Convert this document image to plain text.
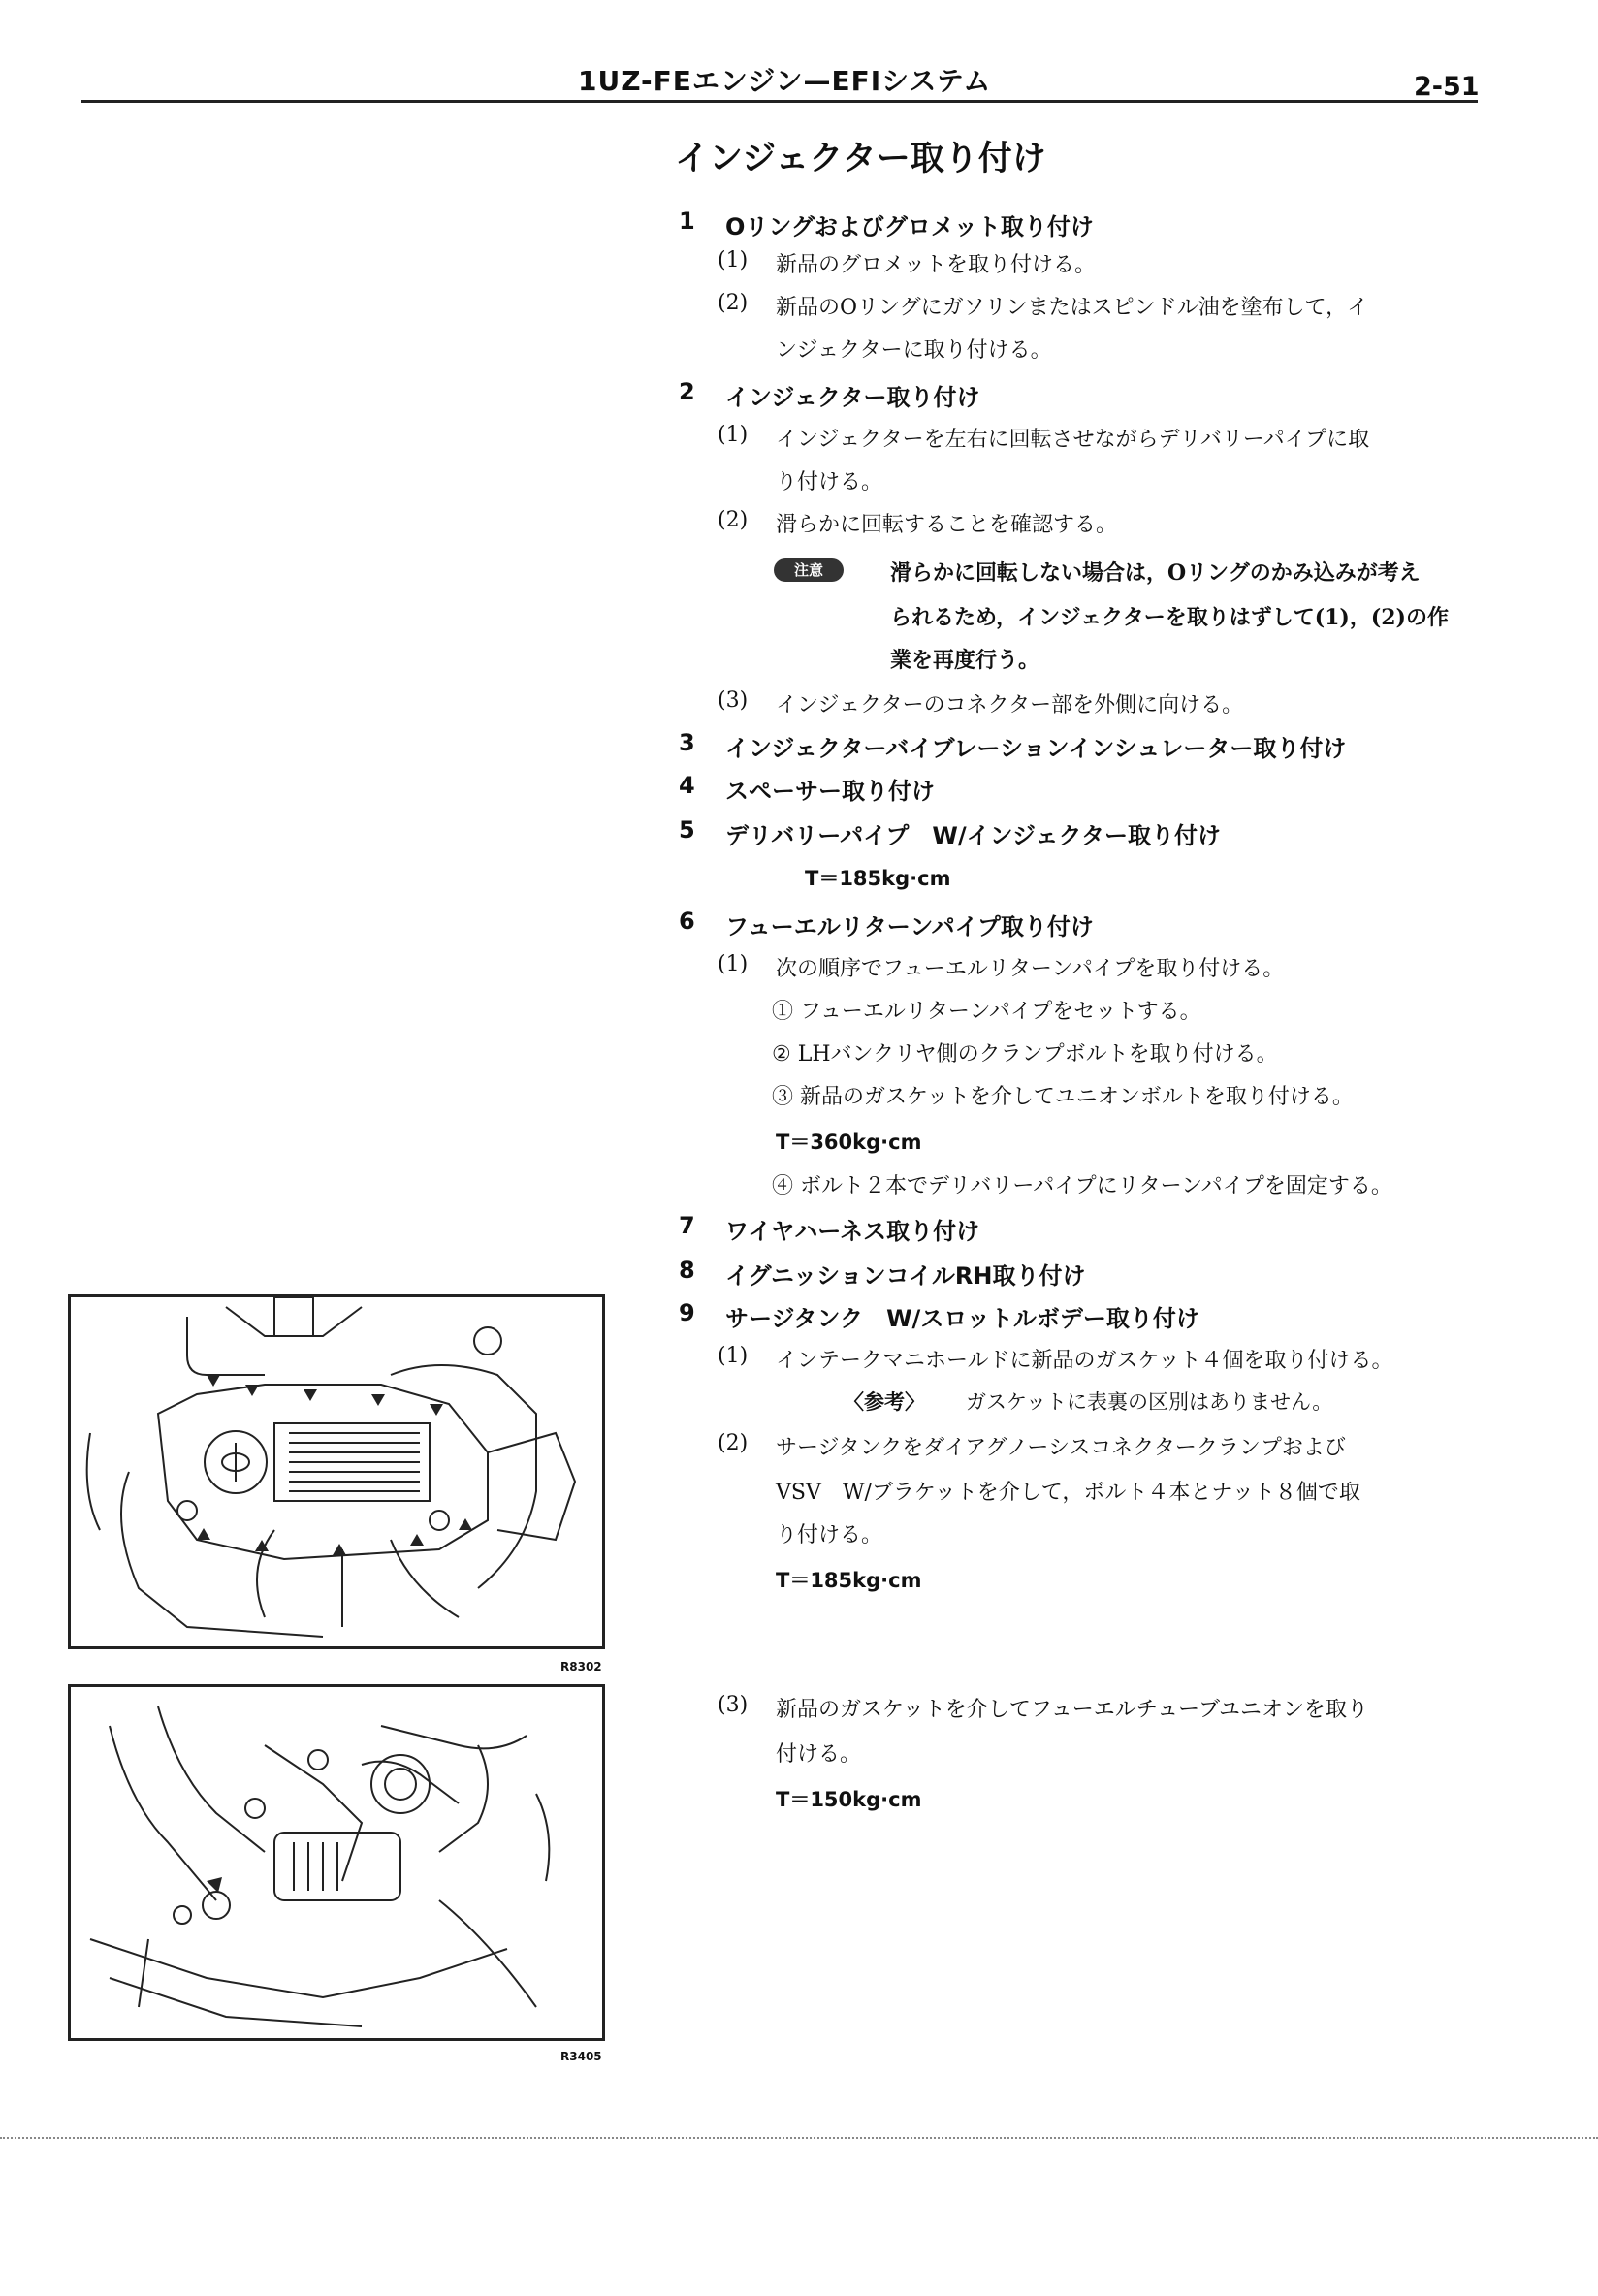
1UZ-FEエンジン—EFIシステム	2-51
インジェクター取り付け
1 Oリングおよびグロメット取り付け
(1) 新品のグロメットを取り付ける。
(2) 新品のOリングにガソリンまたはスピンドル油を塗布して，イ
ンジェクターに取り付ける。
2 インジェクター取り付け
(1) インジェクターを左右に回転させながらデリバリーパイプに取
り付ける。
(2) 滑らかに回転することを確認する。
注意	滑らかに回転しない場合は，Oリングのかみ込みが考え
られるため，インジェクターを取りはずして(1)，(2)の作
業を再度行う。
(3) インジェクターのコネクター部を外側に向ける。
3 インジェクターバイブレーションインシュレーター取り付け
4 スペーサー取り付け
5 デリバリーパイプ　W/インジェクター取り付け
T＝185kg·cm
6 フューエルリターンパイプ取り付け
(1) 次の順序でフューエルリターンパイプを取り付ける。
① フューエルリターンパイプをセットする。
② LHバンクリヤ側のクランプボルトを取り付ける。
③ 新品のガスケットを介してユニオンボルトを取り付ける。
T＝360kg·cm
④ ボルト２本でデリバリーパイプにリターンパイプを固定する。
7 ワイヤハーネス取り付け
8 イグニッションコイルRH取り付け
9 サージタンク　W/スロットルボデー取り付け
(1) インテークマニホールドに新品のガスケット４個を取り付ける。
〈参考〉 ガスケットに表裏の区別はありません。
(2) サージタンクをダイアグノーシスコネクタークランプおよび
VSV　W/ブラケットを介して，ボルト４本とナット８個で取
り付ける。
T＝185kg·cm
(3) 新品のガスケットを介してフューエルチューブユニオンを取り
付ける。
T＝150kg·cm
R8302
R3405
